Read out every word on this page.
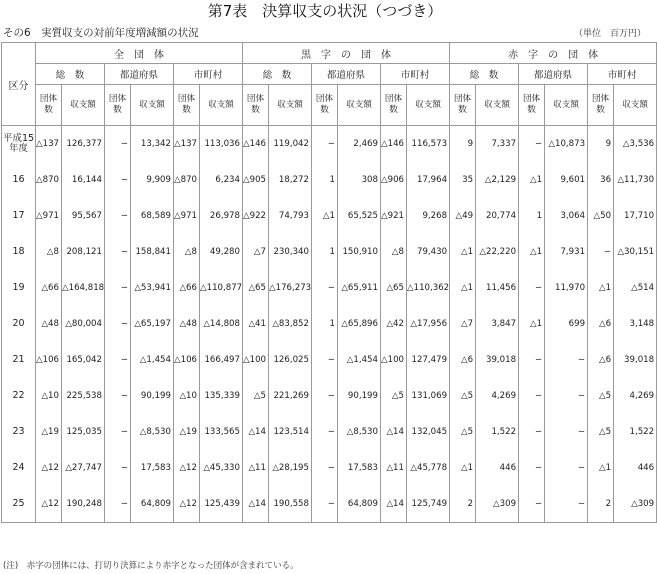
第7表　決算収支の状況（つづき）
その6　実質収支の対前年度増減額の状況	（単位　百万円）
区分	全　団　体						黒　字　の　団　体						赤　字　の　団　体					
	総　数		都道府県		市町村		総　数		都道府県		市町村		総　数		都道府県		市町村	
	団体数	収支額	団体数	収支額	団体数	収支額	団体数	収支額	団体数	収支額	団体数	収支額	団体数	収支額	団体数	収支額	団体数	収支額
平成15年度	△137	126,377	−	13,342	△137	113,036	△146	119,042	−	2,469	△146	116,573	9	7,337	−	△10,873	9	△3,536
16	△870	16,144	−	9,909	△870	6,234	△905	18,272	1	308	△906	17,964	35	△2,129	△1	9,601	36	△11,730
17	△971	95,567	−	68,589	△971	26,978	△922	74,793	△1	65,525	△921	9,268	△49	20,774	1	3,064	△50	17,710
18	△8	208,121	−	158,841	△8	49,280	△7	230,340	1	150,910	△8	79,430	△1	△22,220	△1	7,931	−	△30,151
19	△66	△164,818	−	△53,941	△66	△110,877	△65	△176,273	−	△65,911	△65	△110,362	△1	11,456	−	11,970	△1	△514
20	△48	△80,004	−	△65,197	△48	△14,808	△41	△83,852	1	△65,896	△42	△17,956	△7	3,847	△1	699	△6	3,148
21	△106	165,042	−	△1,454	△106	166,497	△100	126,025	−	△1,454	△100	127,479	△6	39,018	−	−	△6	39,018
22	△10	225,538	−	90,199	△10	135,339	△5	221,269	−	90,199	△5	131,069	△5	4,269	−	−	△5	4,269
23	△19	125,035	−	△8,530	△19	133,565	△14	123,514	−	△8,530	△14	132,045	△5	1,522	−	−	△5	1,522
24	△12	△27,747	−	17,583	△12	△45,330	△11	△28,195	−	17,583	△11	△45,778	△1	446	−	−	△1	446
25	△12	190,248	−	64,809	△12	125,439	△14	190,558	−	64,809	△14	125,749	2	△309	−	−	2	△309
(注)　赤字の団体には、打切り決算により赤字となった団体が含まれている。
